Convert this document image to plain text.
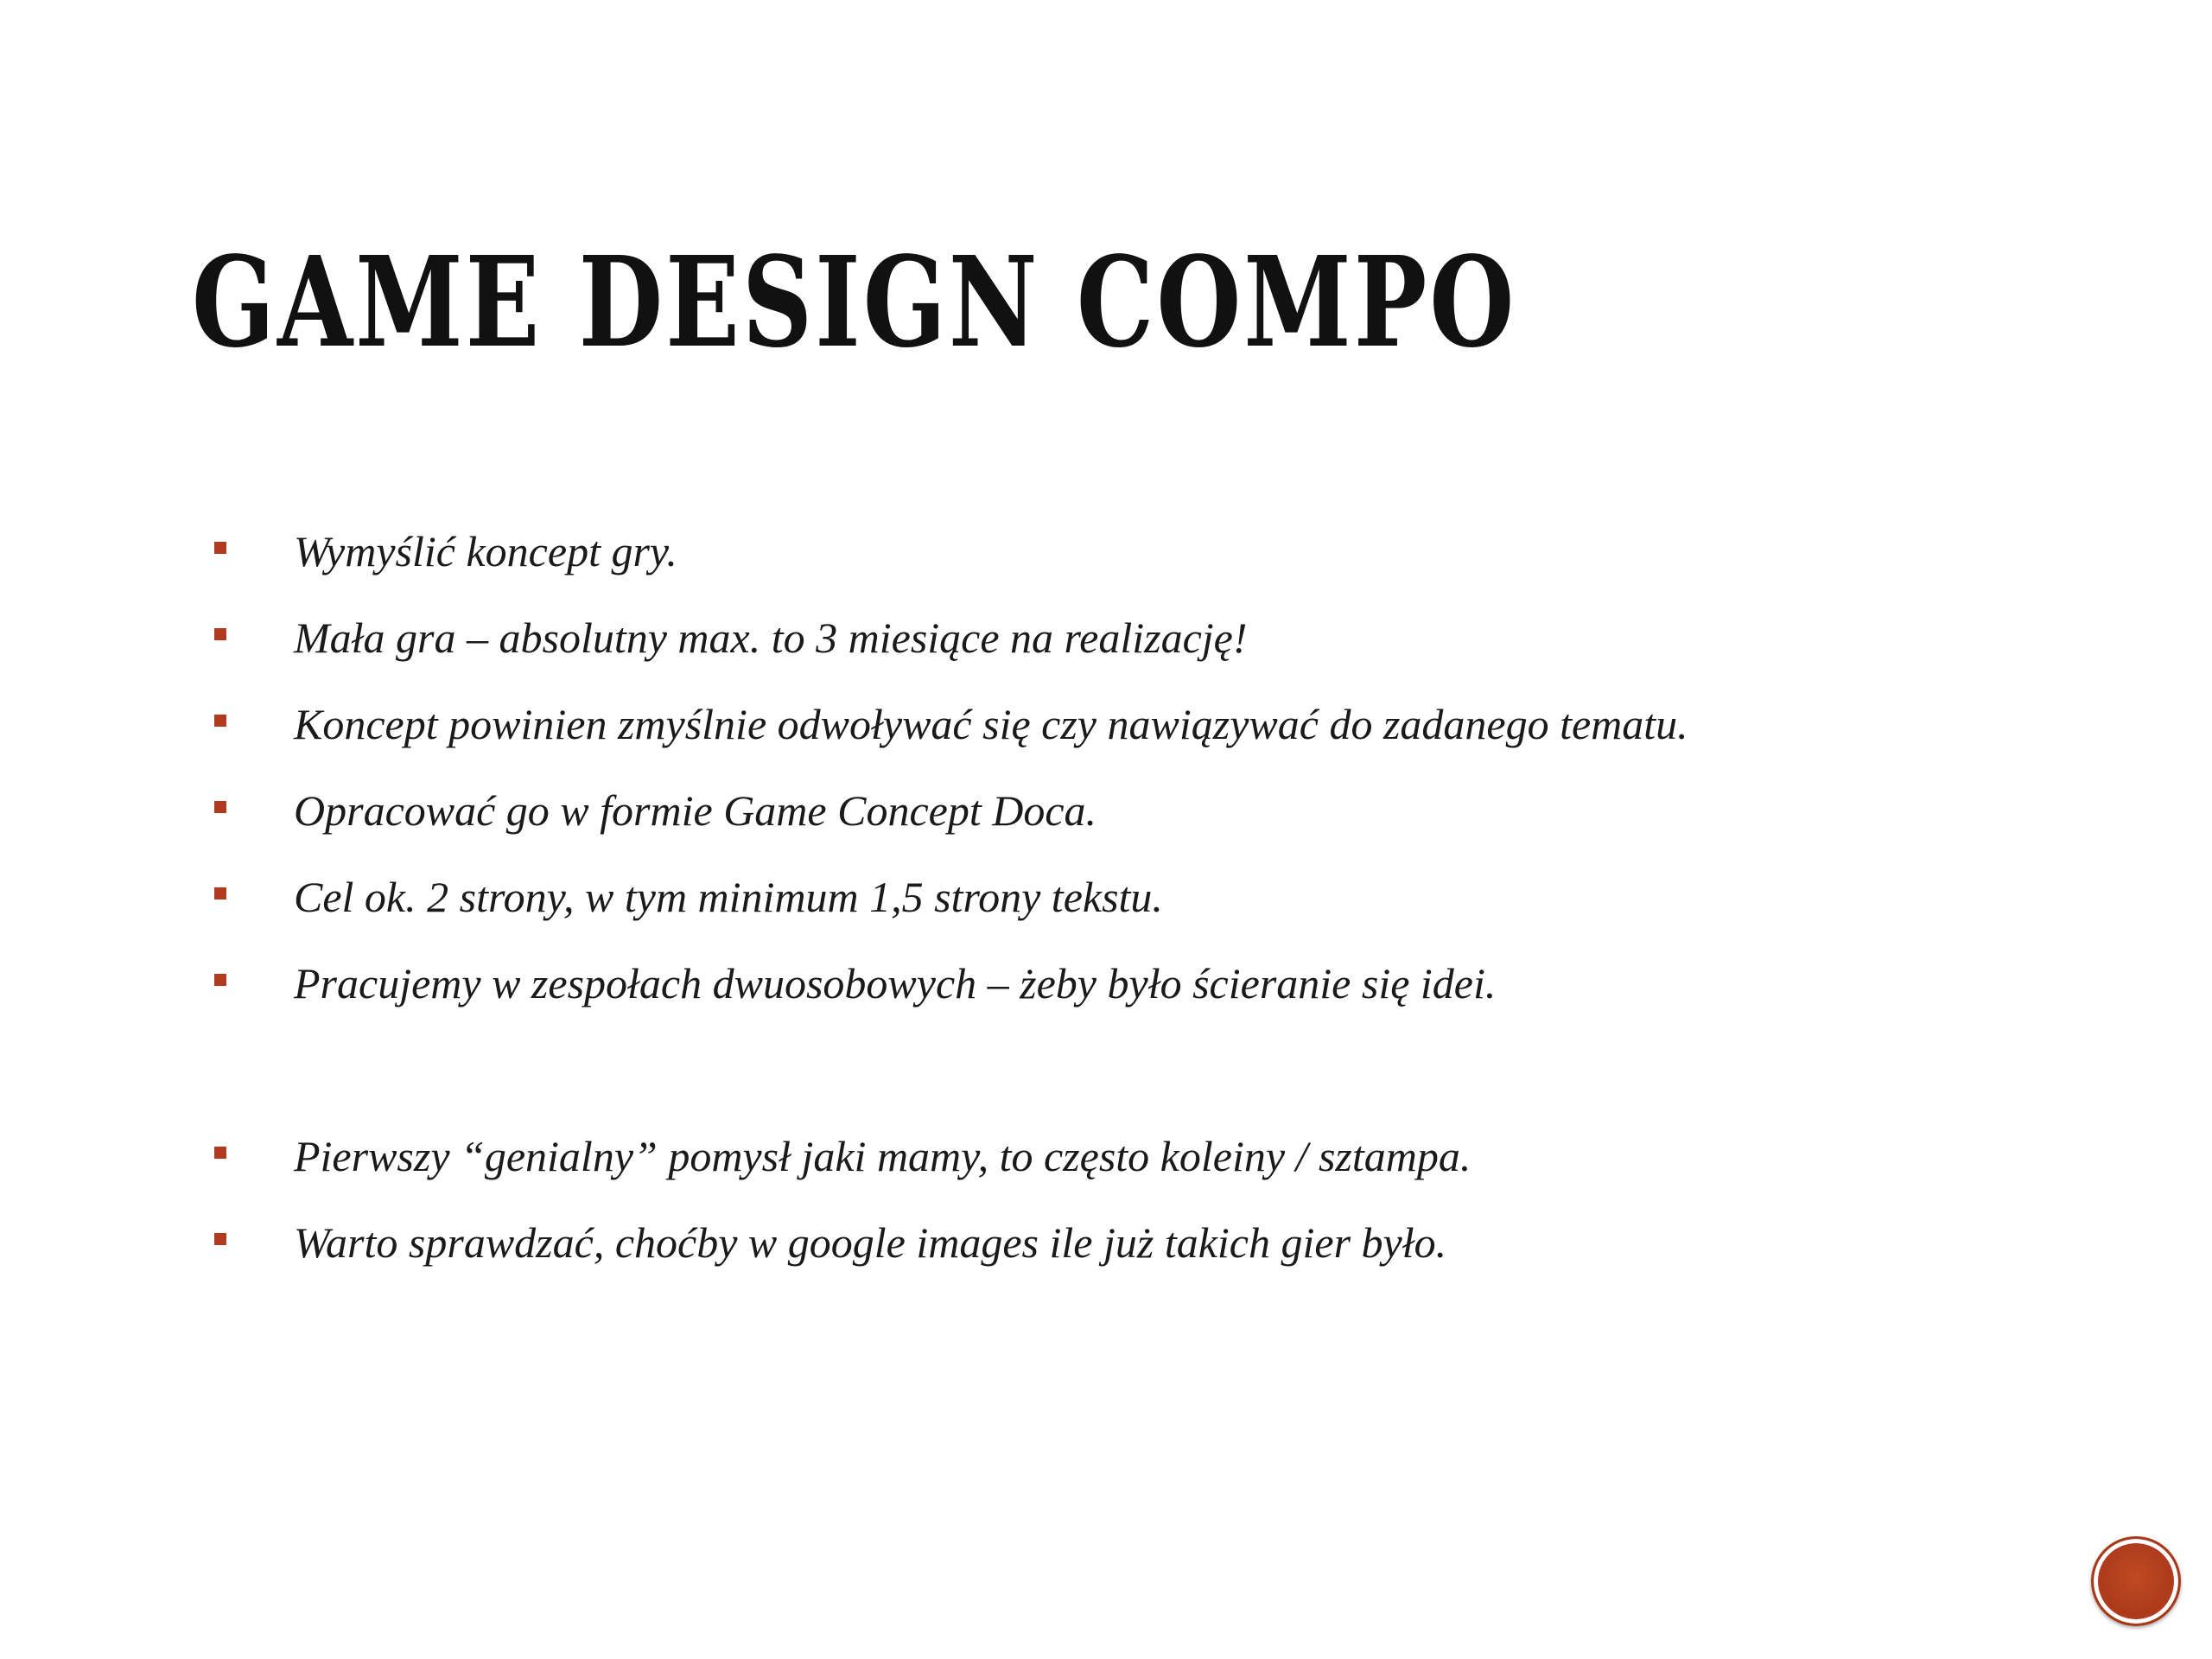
GAME DESIGN COMPO
Wymyślić koncept gry.
Mała gra – absolutny max. to 3 miesiące na realizację!
Koncept powinien zmyślnie odwoływać się czy nawiązywać do zadanego tematu.
Opracować go w formie Game Concept Doca.
Cel ok. 2 strony, w tym minimum 1,5 strony tekstu.
Pracujemy w zespołach dwuosobowych – żeby było ścieranie się idei.
Pierwszy “genialny” pomysł jaki mamy, to często koleiny / sztampa.
Warto sprawdzać, choćby w google images ile już takich gier było.
